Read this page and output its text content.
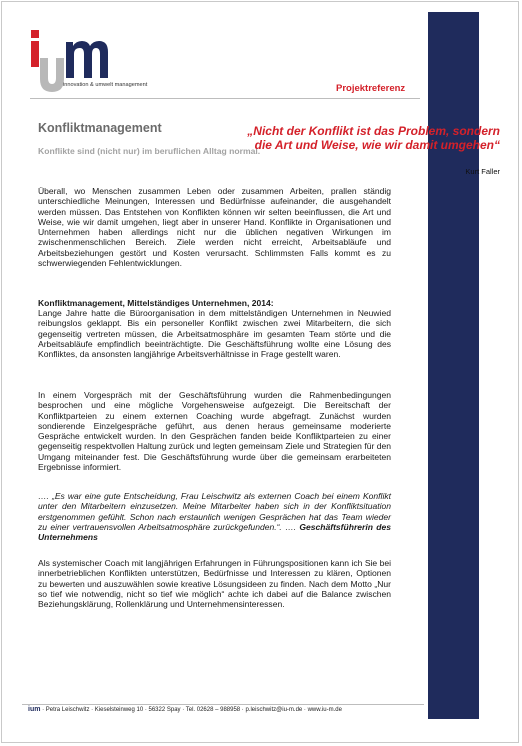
innovation & umwelt management	Projektreferenz
Konfliktmanagement
Konflikte sind (nicht nur) im beruflichen Alltag normal.
„Nicht der Konflikt ist das Problem, sondern die Art und Weise, wie wir damit umgehen“
Kurt Faller
Überall, wo Menschen zusammen Leben oder zusammen Arbeiten, prallen ständig unterschiedliche Meinungen, Interessen und Bedürfnisse aufeinander, die ausgehandelt werden müssen. Das Entstehen von Konflikten können wir selten beeinflussen, die Art und Weise, wie wir damit umgehen, liegt aber in unserer Hand. Konflikte in Organisationen und Unternehmen haben allerdings nicht nur die üblichen negativen Wirkungen im zwischenmenschlichen Bereich. Ziele werden nicht erreicht, Arbeitsabläufe und Arbeitsbeziehungen gestört und Kosten verursacht. Schlimmsten Falls kommt es zu schwerwiegenden Fehlentwicklungen.
Konfliktmanagement, Mittelständiges Unternehmen, 2014:
Lange Jahre hatte die Büroorganisation in dem mittelständigen Unternehmen in Neuwied reibungslos geklappt. Bis ein personeller Konflikt zwischen zwei Mitarbeitern, die sich gegenseitig vertreten müssen, die Arbeitsatmosphäre im gesamten Team störte und die Arbeitsabläufe empfindlich beeinträchtigte. Die Geschäftsführung wollte eine Lösung des Konfliktes, da ansonsten langjährige Arbeitsverhältnisse in Frage gestellt waren.
In einem Vorgespräch mit der Geschäftsführung wurden die Rahmenbedingungen besprochen und eine mögliche Vorgehensweise aufgezeigt. Die Bereitschaft der Konfliktparteien zu einem externen Coaching wurde abgefragt. Zunächst wurden sondierende Einzelgespräche geführt, aus denen heraus gemeinsame moderierte Gespräche entwickelt wurden. In den Gesprächen fanden beide Konfliktparteien zu einer gegenseitig respektvollen Haltung zurück und legten gemeinsam Ziele und Strategien für den Umgang miteinander fest. Die Geschäftsführung wurde über die gemeinsam erarbeiteten Ergebnisse informiert.
…. „Es war eine gute Entscheidung, Frau Leischwitz als externen Coach bei einem Konflikt unter den Mitarbeitern einzusetzen. Meine Mitarbeiter haben sich in der Konfliktsituation erstgenommen gefühlt. Schon nach erstaunlich wenigen Gesprächen hat das Team wieder zu einer vertrauensvollen Arbeitsatmosphäre zurückgefunden.“. …. Geschäftsführerin des Unternehmens
Als systemischer Coach mit langjährigen Erfahrungen in Führungspositionen kann ich Sie bei innerbetrieblichen Konflikten unterstützen, Bedürfnisse und Interessen zu klären, Optionen zu bewerten und auszuwählen sowie kreative Lösungsideen zu finden. Nach dem Motto „Nur so tief wie notwendig, nicht so tief wie möglich“ achte ich dabei auf die Balance zwischen Beziehungsklärung, Rollenklärung und Unternehmensinteressen.
ium · Petra Leischwitz · Kieselsteinweg 10 · 56322 Spay · Tel. 02628 – 988958 · p.leischwitz@iu-m.de · www.iu-m.de
